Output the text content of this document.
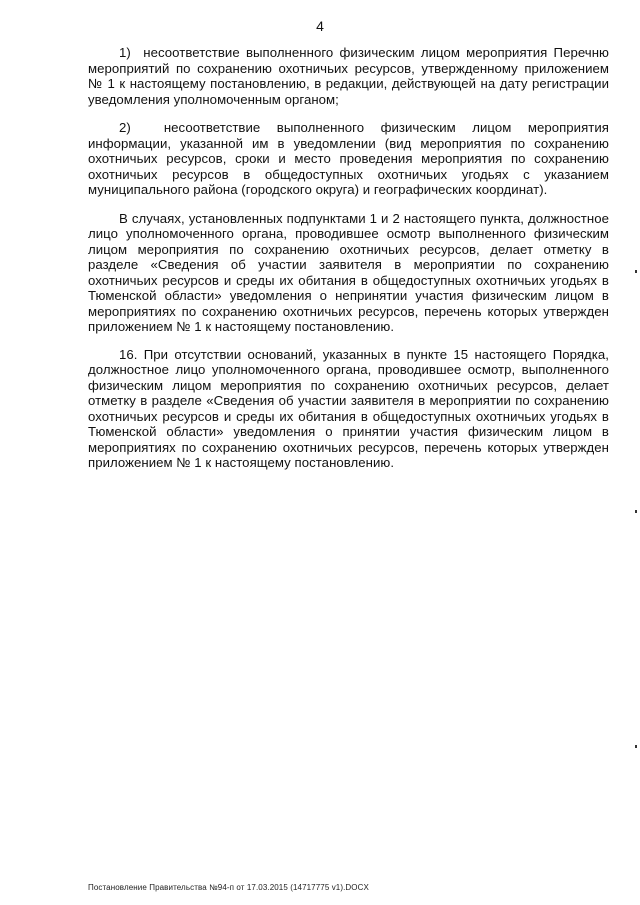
4

1)  несоответствие выполненного физическим лицом мероприятия Перечню мероприятий по сохранению охотничьих ресурсов, утвержденному приложением № 1 к настоящему постановлению, в редакции, действующей на дату регистрации уведомления уполномоченным органом;

2)  несоответствие выполненного физическим лицом мероприятия информации, указанной им в уведомлении (вид мероприятия по сохранению охотничьих ресурсов, сроки и место проведения мероприятия по сохранению охотничьих ресурсов в общедоступных охотничьих угодьях с указанием муниципального района (городского округа) и географических координат).

В случаях, установленных подпунктами 1 и 2 настоящего пункта, должностное лицо уполномоченного органа, проводившее осмотр выполненного физическим лицом мероприятия по сохранению охотничьих ресурсов, делает отметку в разделе «Сведения об участии заявителя в мероприятии по сохранению охотничьих ресурсов и среды их обитания в общедоступных охотничьих угодьях в Тюменской области» уведомления о непринятии участия физическим лицом в мероприятиях по сохранению охотничьих ресурсов, перечень которых утвержден приложением № 1 к настоящему постановлению.

16. При отсутствии оснований, указанных в пункте 15 настоящего Порядка, должностное лицо уполномоченного органа, проводившее осмотр, выполненного физическим лицом мероприятия по сохранению охотничьих ресурсов, делает отметку в разделе «Сведения об участии заявителя в мероприятии по сохранению охотничьих ресурсов и среды их обитания в общедоступных охотничьих угодьях в Тюменской области» уведомления о принятии участия физическим лицом в мероприятиях по сохранению охотничьих ресурсов, перечень которых утвержден приложением № 1 к настоящему постановлению.

Постановление Правительства №94-п от 17.03.2015 (14717775 v1).DOCX
